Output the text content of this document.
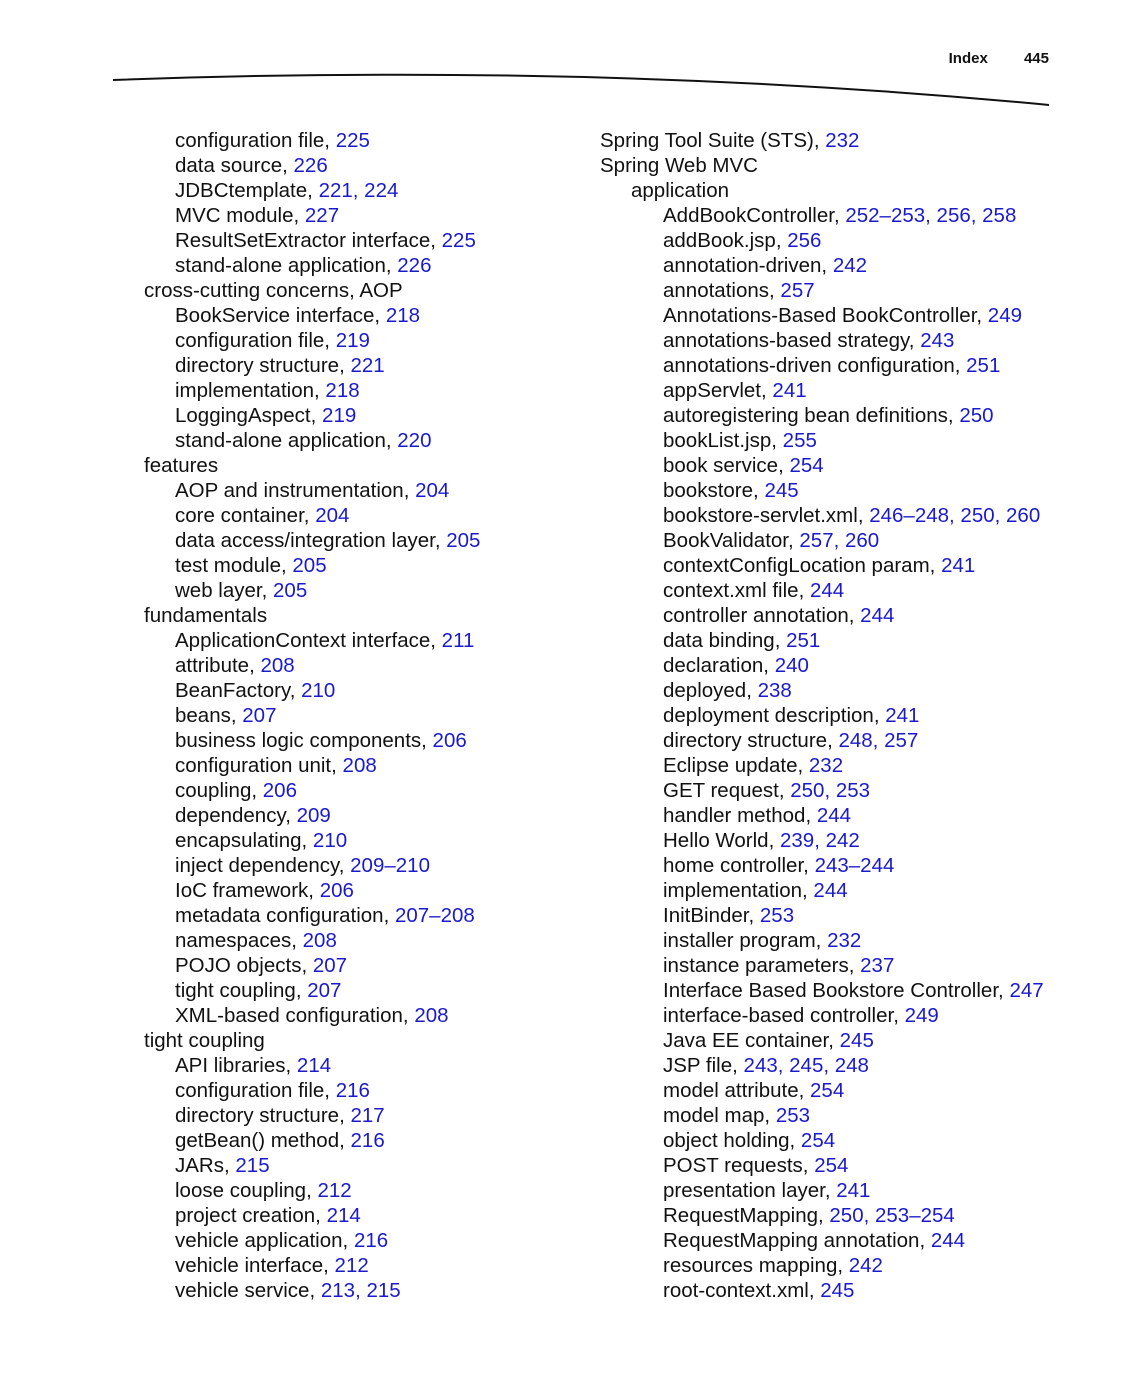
Index 445
configuration file, 225
data source, 226
JDBCtemplate, 221, 224
MVC module, 227
ResultSetExtractor interface, 225
stand-alone application, 226
cross-cutting concerns, AOP
BookService interface, 218
configuration file, 219
directory structure, 221
implementation, 218
LoggingAspect, 219
stand-alone application, 220
features
AOP and instrumentation, 204
core container, 204
data access/integration layer, 205
test module, 205
web layer, 205
fundamentals
ApplicationContext interface, 211
attribute, 208
BeanFactory, 210
beans, 207
business logic components, 206
configuration unit, 208
coupling, 206
dependency, 209
encapsulating, 210
inject dependency, 209–210
IoC framework, 206
metadata configuration, 207–208
namespaces, 208
POJO objects, 207
tight coupling, 207
XML-based configuration, 208
tight coupling
API libraries, 214
configuration file, 216
directory structure, 217
getBean() method, 216
JARs, 215
loose coupling, 212
project creation, 214
vehicle application, 216
vehicle interface, 212
vehicle service, 213, 215
Spring Tool Suite (STS), 232
Spring Web MVC
application
AddBookController, 252–253, 256, 258
addBook.jsp, 256
annotation-driven, 242
annotations, 257
Annotations-Based BookController, 249
annotations-based strategy, 243
annotations-driven configuration, 251
appServlet, 241
autoregistering bean definitions, 250
bookList.jsp, 255
book service, 254
bookstore, 245
bookstore-servlet.xml, 246–248, 250, 260
BookValidator, 257, 260
contextConfigLocation param, 241
context.xml file, 244
controller annotation, 244
data binding, 251
declaration, 240
deployed, 238
deployment description, 241
directory structure, 248, 257
Eclipse update, 232
GET request, 250, 253
handler method, 244
Hello World, 239, 242
home controller, 243–244
implementation, 244
InitBinder, 253
installer program, 232
instance parameters, 237
Interface Based Bookstore Controller, 247
interface-based controller, 249
Java EE container, 245
JSP file, 243, 245, 248
model attribute, 254
model map, 253
object holding, 254
POST requests, 254
presentation layer, 241
RequestMapping, 250, 253–254
RequestMapping annotation, 244
resources mapping, 242
root-context.xml, 245
